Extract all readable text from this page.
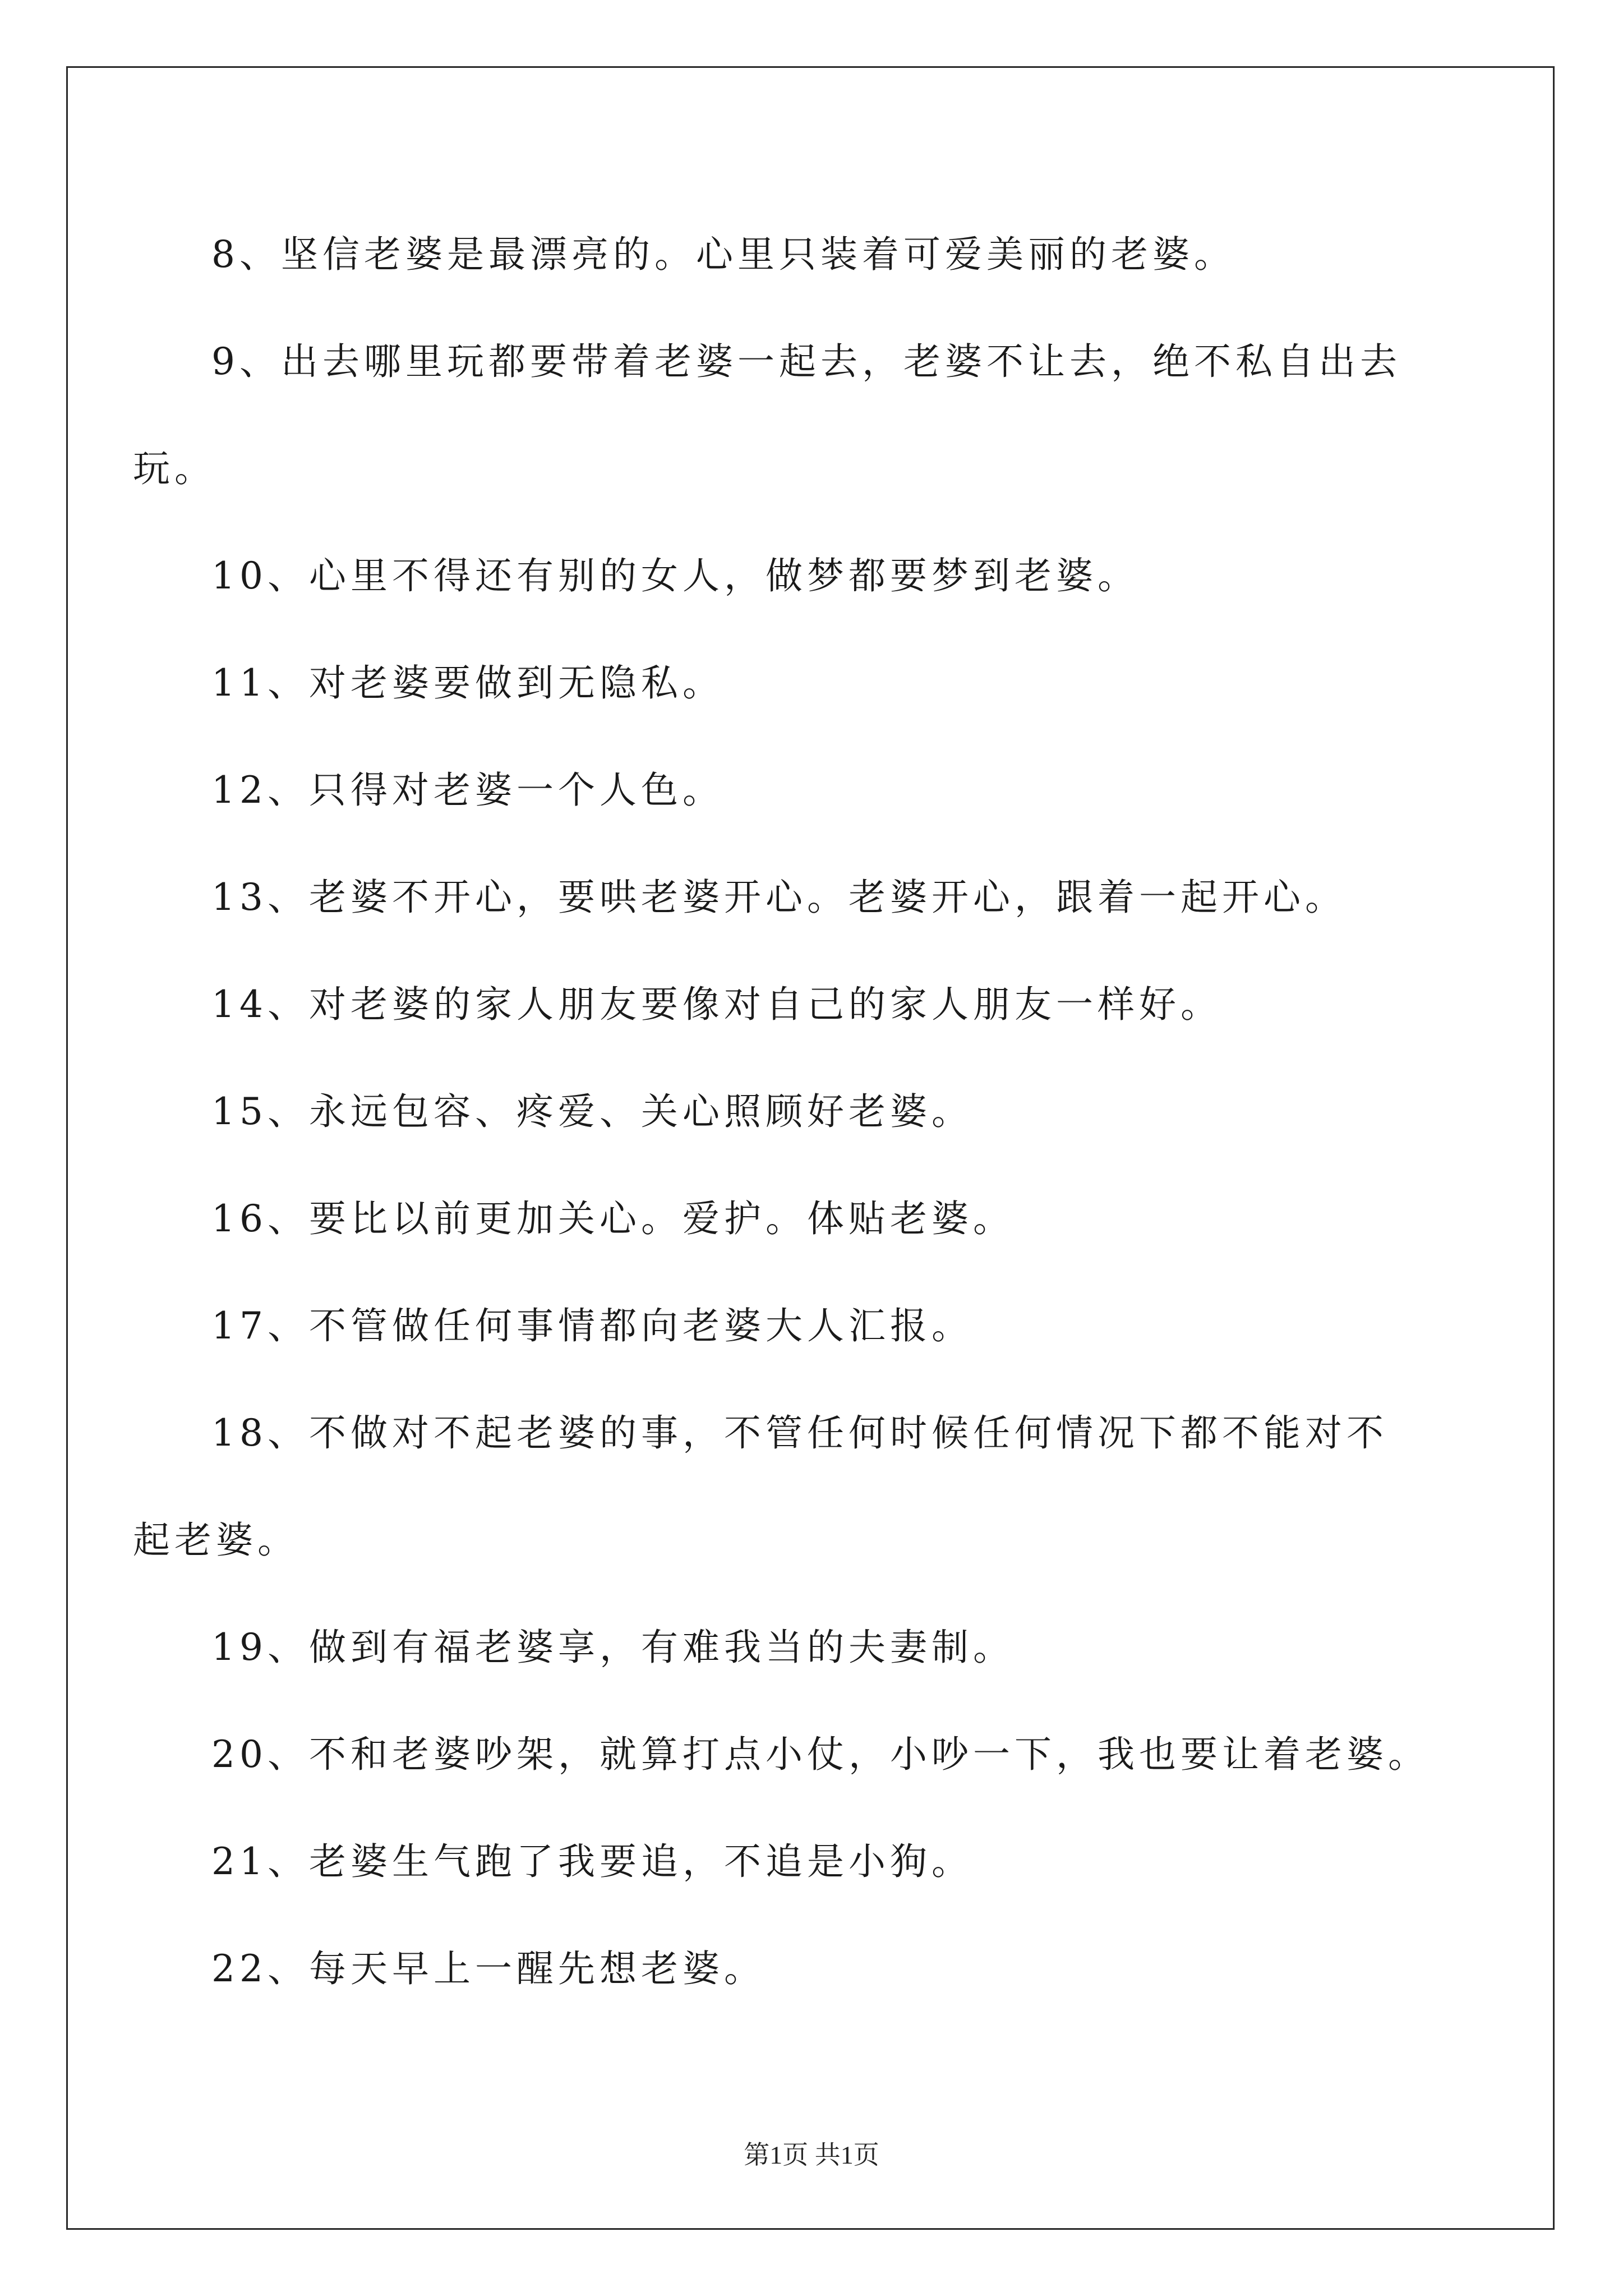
8、坚信老婆是最漂亮的。心里只装着可爱美丽的老婆。
9、出去哪里玩都要带着老婆一起去，老婆不让去，绝不私自出去
玩。
10、心里不得还有别的女人，做梦都要梦到老婆。
11、对老婆要做到无隐私。
12、只得对老婆一个人色。
13、老婆不开心，要哄老婆开心。老婆开心，跟着一起开心。
14、对老婆的家人朋友要像对自己的家人朋友一样好。
15、永远包容、疼爱、关心照顾好老婆。
16、要比以前更加关心。爱护。体贴老婆。
17、不管做任何事情都向老婆大人汇报。
18、不做对不起老婆的事，不管任何时候任何情况下都不能对不
起老婆。
19、做到有福老婆享，有难我当的夫妻制。
20、不和老婆吵架，就算打点小仗，小吵一下，我也要让着老婆。
21、老婆生气跑了我要追，不追是小狗。
22、每天早上一醒先想老婆。
第1页 共1页
